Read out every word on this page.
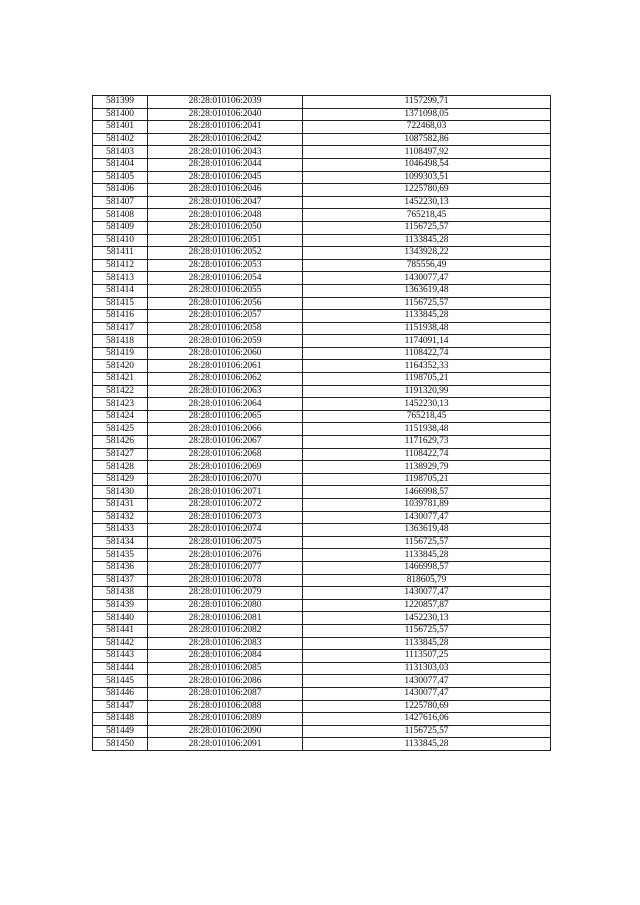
581399	28:28:010106:2039	1157299,71
581400	28:28:010106:2040	1371098,05
581401	28:28:010106:2041	722468,03
581402	28:28:010106:2042	1087582,86
581403	28:28:010106:2043	1108497,92
581404	28:28:010106:2044	1046498,54
581405	28:28:010106:2045	1099303,51
581406	28:28:010106:2046	1225780,69
581407	28:28:010106:2047	1452230,13
581408	28:28:010106:2048	765218,45
581409	28:28:010106:2050	1156725,57
581410	28:28:010106:2051	1133845,28
581411	28:28:010106:2052	1343928,22
581412	28:28:010106:2053	785556,49
581413	28:28:010106:2054	1430077,47
581414	28:28:010106:2055	1363619,48
581415	28:28:010106:2056	1156725,57
581416	28:28:010106:2057	1133845,28
581417	28:28:010106:2058	1151938,48
581418	28:28:010106:2059	1174091,14
581419	28:28:010106:2060	1108422,74
581420	28:28:010106:2061	1164352,33
581421	28:28:010106:2062	1198705,21
581422	28:28:010106:2063	1191320,99
581423	28:28:010106:2064	1452230,13
581424	28:28:010106:2065	765218,45
581425	28:28:010106:2066	1151938,48
581426	28:28:010106:2067	1171629,73
581427	28:28:010106:2068	1108422,74
581428	28:28:010106:2069	1138929,79
581429	28:28:010106:2070	1198705,21
581430	28:28:010106:2071	1466998,57
581431	28:28:010106:2072	1039781,89
581432	28:28:010106:2073	1430077,47
581433	28:28:010106:2074	1363619,48
581434	28:28:010106:2075	1156725,57
581435	28:28:010106:2076	1133845,28
581436	28:28:010106:2077	1466998,57
581437	28:28:010106:2078	818605,79
581438	28:28:010106:2079	1430077,47
581439	28:28:010106:2080	1220857,87
581440	28:28:010106:2081	1452230,13
581441	28:28:010106:2082	1156725,57
581442	28:28:010106:2083	1133845,28
581443	28:28:010106:2084	1113507,25
581444	28:28:010106:2085	1131303,03
581445	28:28:010106:2086	1430077,47
581446	28:28:010106:2087	1430077,47
581447	28:28:010106:2088	1225780,69
581448	28:28:010106:2089	1427616,06
581449	28:28:010106:2090	1156725,57
581450	28:28:010106:2091	1133845,28
